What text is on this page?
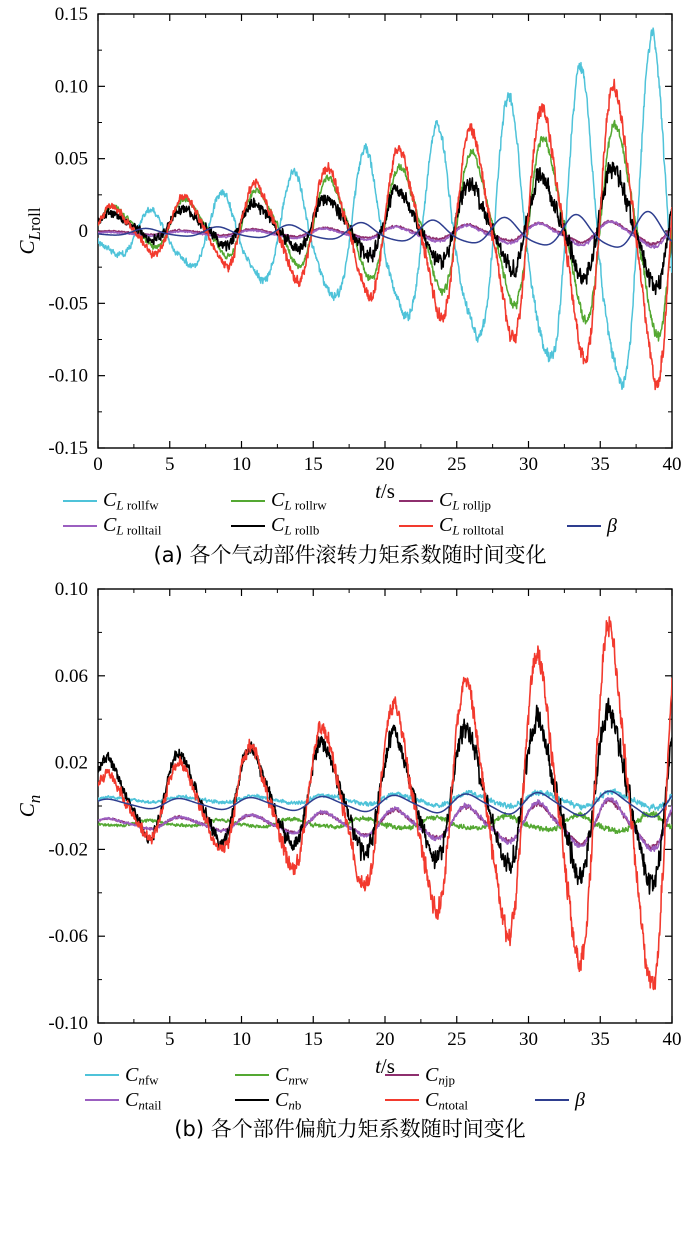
0	5	10	15	20	25	30	35	40
-0.15
-0.10
-0.05
0
0.05
0.10
0.15
t/s
$C_Lroll$
$C_L$ rollfw	$C_L$ rollrw	$C_L$ rolljp
$C_L$ rolltail	$C_L$ rollb	$C_L$ rolltotal	β
(a) 各个气动部件滚转力矩系数随时间变化
0	5	10	15	20	25	30	35	40
-0.10
-0.06
-0.02
0.02
0.06
0.10
t/s
$C_n$
$C_nfw$	$C_nrw$	$C_njp$
$C_ntail$	$C_nb$	$C_ntotal$	β
(b) 各个部件偏航力矩系数随时间变化
